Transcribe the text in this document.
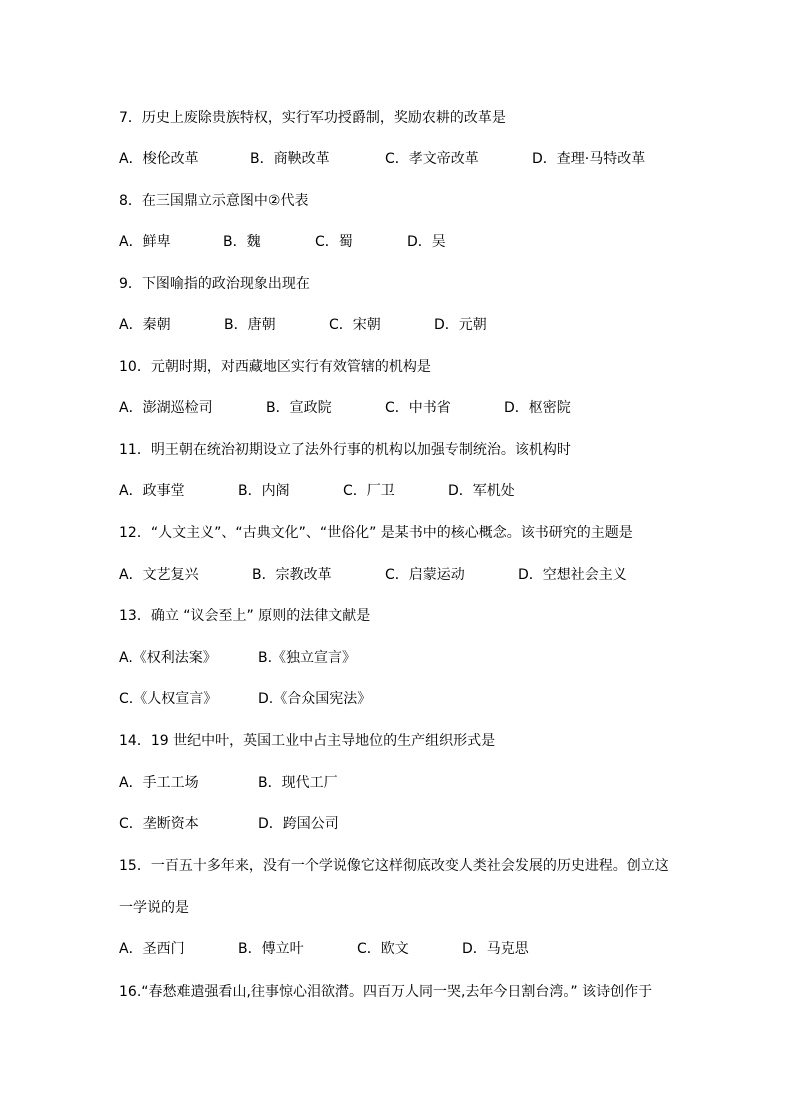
7．历史上废除贵族特权，实行军功授爵制，奖励农耕的改革是
A．梭伦改革	B．商鞅改革	C．孝文帝改革	D．查理·马特改革
8．在三国鼎立示意图中②代表
A．鲜卑	B．魏	C．蜀	D．吴
9．下图喻指的政治现象出现在
A．秦朝	B．唐朝	C．宋朝	D．元朝
10．元朝时期，对西藏地区实行有效管辖的机构是
A．澎湖巡检司	B．宣政院	C．中书省	D．枢密院
11．明王朝在统治初期设立了法外行事的机构以加强专制统治。该机构时
A．政事堂	B．内阁	C．厂卫	D．军机处
12．“人文主义”、“古典文化”、“世俗化” 是某书中的核心概念。该书研究的主题是
A．文艺复兴	B．宗教改革	C．启蒙运动	D．空想社会主义
13．确立 “议会至上” 原则的法律文献是
A.《权利法案》	B.《独立宣言》
C.《人权宣言》	D.《合众国宪法》
14．19 世纪中叶，英国工业中占主导地位的生产组织形式是
A．手工工场	B．现代工厂
C．垄断资本	D．跨国公司
15．一百五十多年来，没有一个学说像它这样彻底改变人类社会发展的历史进程。创立这
一学说的是
A．圣西门	B．傅立叶	C．欧文	D．马克思
16.“春愁难遣强看山,往事惊心泪欲潸。四百万人同一哭,去年今日割台湾。” 该诗创作于
